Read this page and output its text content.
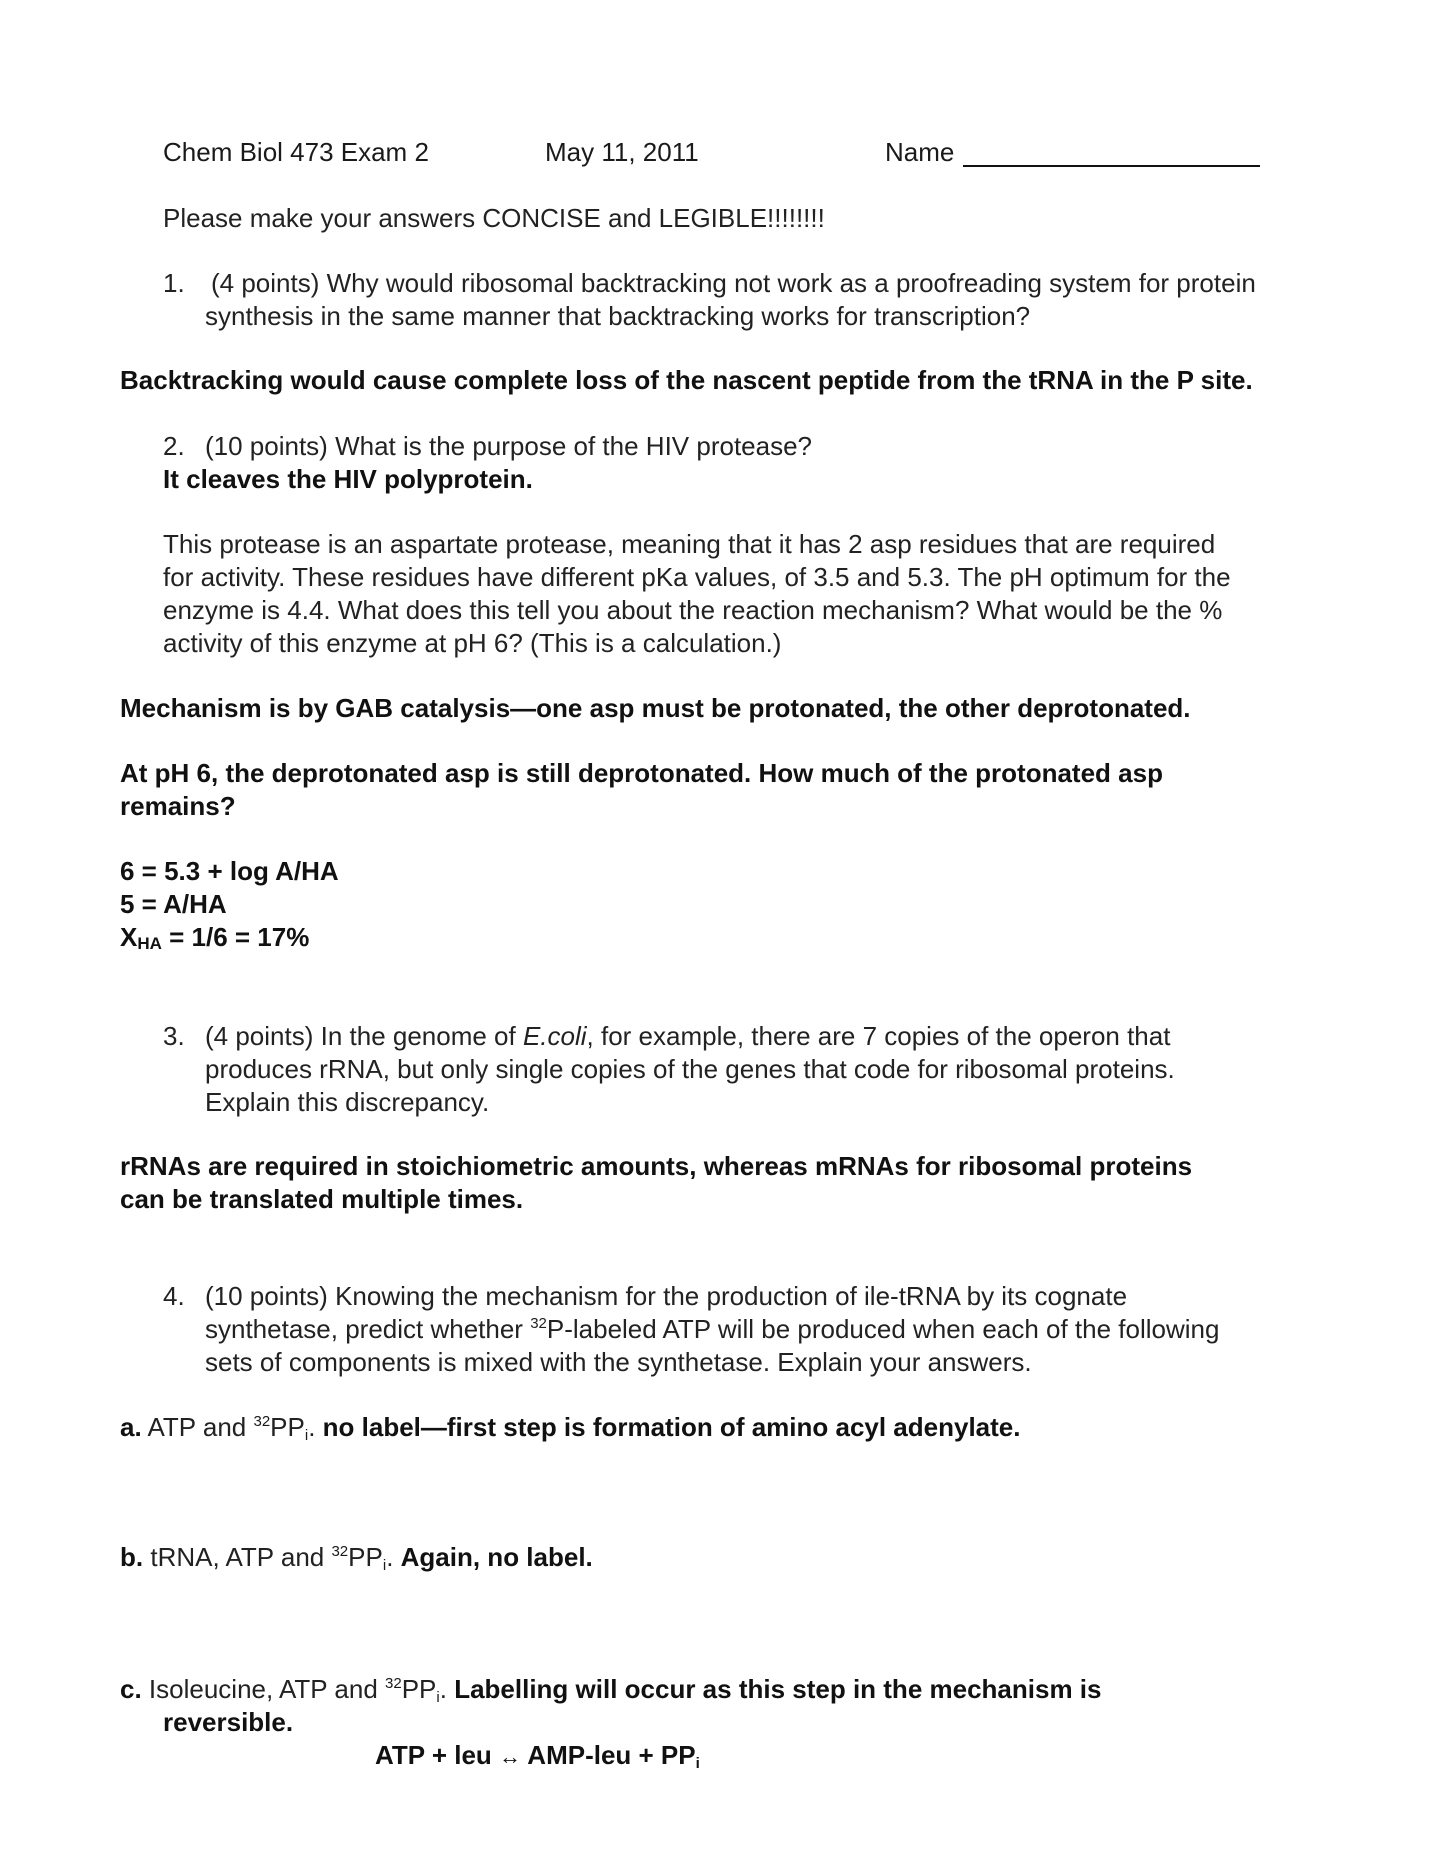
Chem Biol 473 Exam 2	May 11, 2011	Name
Please make your answers CONCISE and LEGIBLE!!!!!!!!
1. (4 points) Why would ribosomal backtracking not work as a proofreading system for protein
synthesis in the same manner that backtracking works for transcription?
Backtracking would cause complete loss of the nascent peptide from the tRNA in the P site.
2. (10 points) What is the purpose of the HIV protease?
It cleaves the HIV polyprotein.
This protease is an aspartate protease, meaning that it has 2 asp residues that are required
for activity. These residues have different pKa values, of 3.5 and 5.3. The pH optimum for the
enzyme is 4.4. What does this tell you about the reaction mechanism? What would be the %
activity of this enzyme at pH 6? (This is a calculation.)
Mechanism is by GAB catalysis—one asp must be protonated, the other deprotonated.
At pH 6, the deprotonated asp is still deprotonated. How much of the protonated asp
remains?
6 = 5.3 + log A/HA
5 = A/HA
XHA = 1/6 = 17%
3. (4 points) In the genome of E.coli, for example, there are 7 copies of the operon that
produces rRNA, but only single copies of the genes that code for ribosomal proteins.
Explain this discrepancy.
rRNAs are required in stoichiometric amounts, whereas mRNAs for ribosomal proteins
can be translated multiple times.
4. (10 points) Knowing the mechanism for the production of ile-tRNA by its cognate
synthetase, predict whether $^{32}$P-labeled ATP will be produced when each of the following
sets of components is mixed with the synthetase. Explain your answers.
a. ATP and $^{32}PP_i$. no label—first step is formation of amino acyl adenylate.
b. tRNA, ATP and $^{32}PP_i$. Again, no label.
c. Isoleucine, ATP and $^{32}PP_i$. Labelling will occur as this step in the mechanism is
reversible.
ATP + leu ↔ $AMP-leu + PP_i$
